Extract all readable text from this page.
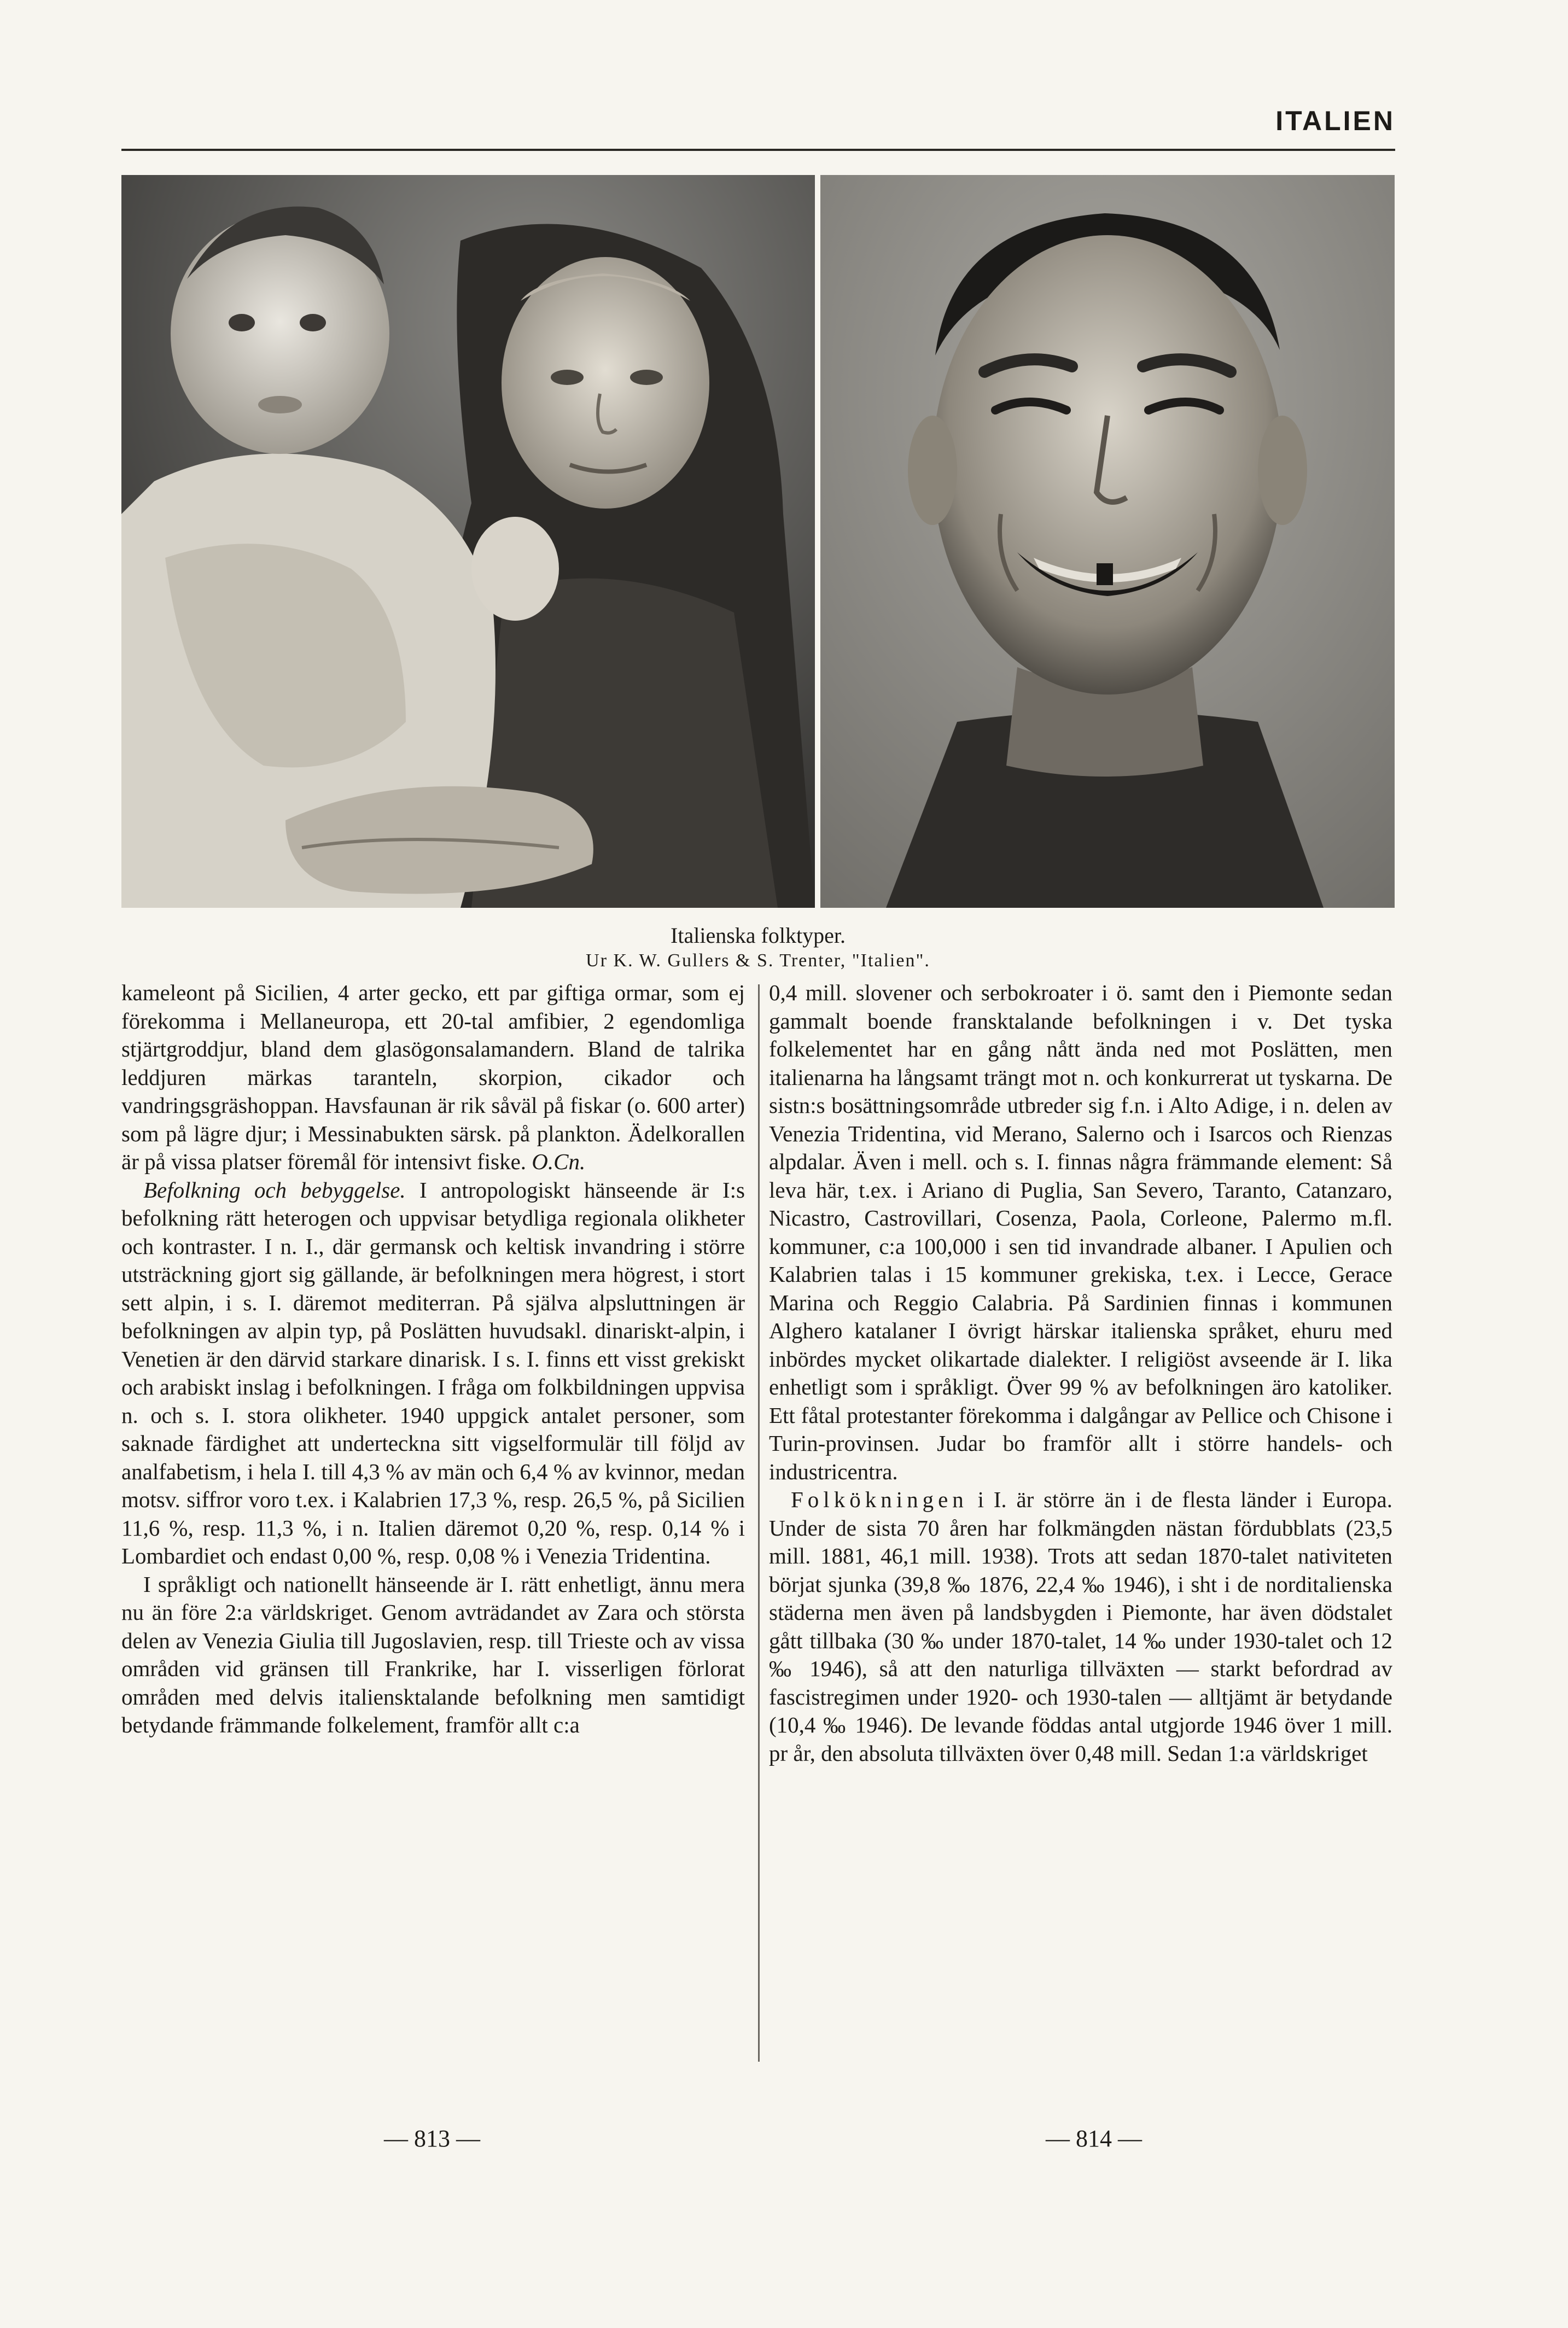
ITALIEN
Italienska folktyper.
Ur K. W. Gullers & S. Trenter, "Italien".

kameleont på Sicilien, 4 arter gecko, ett par giftiga ormar, som ej förekomma i Mellaneuropa, ett 20-tal amfibier, 2 egendomliga stjärtgroddjur, bland dem glasögonsalamandern. Bland de talrika leddjuren märkas taranteln, skorpion, cikador och vandringsgräshoppan. Havsfaunan är rik såväl på fiskar (o. 600 arter) som på lägre djur; i Messinabukten särsk. på plankton. Ädelkorallen är på vissa platser föremål för intensivt fiske. O.Cn.

Befolkning och bebyggelse. I antropologiskt hänseende är I:s befolkning rätt heterogen och uppvisar betydliga regionala olikheter och kontraster. I n. I., där germansk och keltisk invandring i större utsträckning gjort sig gällande, är befolkningen mera högrest, i stort sett alpin, i s. I. däremot mediterran. På själva alpsluttningen är befolkningen av alpin typ, på Poslätten huvudsakl. dinariskt-alpin, i Venetien är den därvid starkare dinarisk. I s. I. finns ett visst grekiskt och arabiskt inslag i befolkningen. I fråga om folkbildningen uppvisa n. och s. I. stora olikheter. 1940 uppgick antalet personer, som saknade färdighet att underteckna sitt vigselformulär till följd av analfabetism, i hela I. till 4,3 % av män och 6,4 % av kvinnor, medan motsv. siffror voro t.ex. i Kalabrien 17,3 %, resp. 26,5 %, på Sicilien 11,6 %, resp. 11,3 %, i n. Italien däremot 0,20 %, resp. 0,14 % i Lombardiet och endast 0,00 %, resp. 0,08 % i Venezia Tridentina.

I språkligt och nationellt hänseende är I. rätt enhetligt, ännu mera nu än före 2:a världskriget. Genom avträdandet av Zara och största delen av Venezia Giulia till Jugoslavien, resp. till Trieste och av vissa områden vid gränsen till Frankrike, har I. visserligen förlorat områden med delvis italiensktalande befolkning men samtidigt betydande främmande folkelement, framför allt c:a

0,4 mill. slovener och serbokroater i ö. samt den i Piemonte sedan gammalt boende fransktalande befolkningen i v. Det tyska folkelementet har en gång nått ända ned mot Poslätten, men italienarna ha långsamt trängt mot n. och konkurrerat ut tyskarna. De sistn:s bosättningsområde utbreder sig f.n. i Alto Adige, i n. delen av Venezia Tridentina, vid Merano, Salerno och i Isarcos och Rienzas alpdalar. Även i mell. och s. I. finnas några främmande element: Så leva här, t.ex. i Ariano di Puglia, San Severo, Taranto, Catanzaro, Nicastro, Castrovillari, Cosenza, Paola, Corleone, Palermo m.fl. kommuner, c:a 100,000 i sen tid invandrade albaner. I Apulien och Kalabrien talas i 15 kommuner grekiska, t.ex. i Lecce, Gerace Marina och Reggio Calabria. På Sardinien finnas i kommunen Alghero katalaner I övrigt härskar italienska språket, ehuru med inbördes mycket olikartade dialekter. I religiöst avseende är I. lika enhetligt som i språkligt. Över 99 % av befolkningen äro katoliker. Ett fåtal protestanter förekomma i dalgångar av Pellice och Chisone i Turin-provinsen. Judar bo framför allt i större handels- och industricentra.

Folkökningen i I. är större än i de flesta länder i Europa. Under de sista 70 åren har folkmängden nästan fördubblats (23,5 mill. 1881, 46,1 mill. 1938). Trots att sedan 1870-talet nativiteten börjat sjunka (39,8 ‰ 1876, 22,4 ‰ 1946), i sht i de norditalienska städerna men även på landsbygden i Piemonte, har även dödstalet gått tillbaka (30 ‰ under 1870-talet, 14 ‰ under 1930-talet och 12 ‰ 1946), så att den naturliga tillväxten — starkt befordrad av fascistregimen under 1920- och 1930-talen — alltjämt är betydande (10,4 ‰ 1946). De levande föddas antal utgjorde 1946 över 1 mill. pr år, den absoluta tillväxten över 0,48 mill. Sedan 1:a världskriget

— 813 —	— 814 —
